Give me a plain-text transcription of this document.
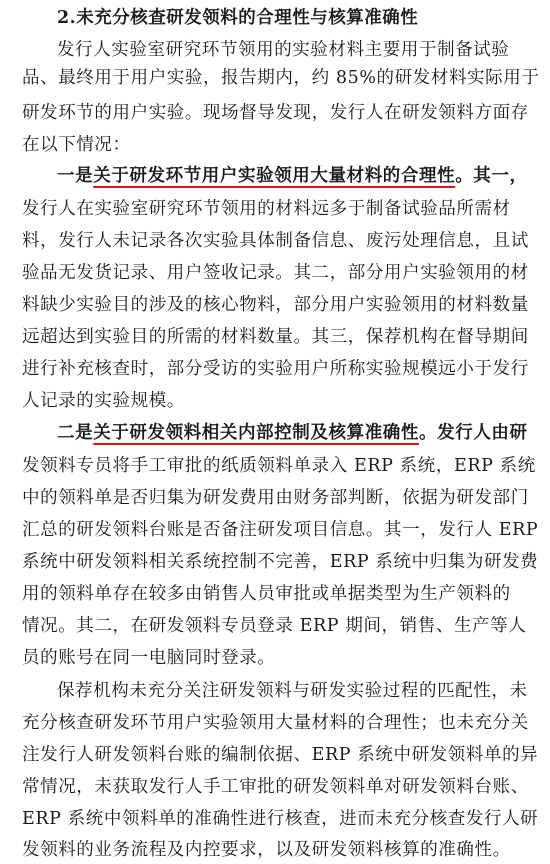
2.未充分核查研发领料的合理性与核算准确性
发行人实验室研究环节领用的实验材料主要用于制备试验
品、最终用于用户实验，报告期内，约 85%的研发材料实际用于
研发环节的用户实验。现场督导发现，发行人在研发领料方面存
在以下情况：
一是关于研发环节用户实验领用大量材料的合理性。其一，
发行人在实验室研究环节领用的材料远多于制备试验品所需材
料，发行人未记录各次实验具体制备信息、废污处理信息，且试
验品无发货记录、用户签收记录。其二，部分用户实验领用的材
料缺少实验目的涉及的核心物料，部分用户实验领用的材料数量
远超达到实验目的所需的材料数量。其三，保荐机构在督导期间
进行补充核查时，部分受访的实验用户所称实验规模远小于发行
人记录的实验规模。
二是关于研发领料相关内部控制及核算准确性。发行人由研
发领料专员将手工审批的纸质领料单录入 ERP 系统，ERP 系统
中的领料单是否归集为研发费用由财务部判断，依据为研发部门
汇总的研发领料台账是否备注研发项目信息。其一，发行人 ERP
系统中研发领料相关系统控制不完善，ERP 系统中归集为研发费
用的领料单存在较多由销售人员审批或单据类型为生产领料的
情况。其二，在研发领料专员登录 ERP 期间，销售、生产等人
员的账号在同一电脑同时登录。
保荐机构未充分关注研发领料与研发实验过程的匹配性，未
充分核查研发环节用户实验领用大量材料的合理性；也未充分关
注发行人研发领料台账的编制依据、ERP 系统中研发领料单的异
常情况，未获取发行人手工审批的研发领料单对研发领料台账、
ERP 系统中领料单的准确性进行核查，进而未充分核查发行人研
发领料的业务流程及内控要求，以及研发领料核算的准确性。
